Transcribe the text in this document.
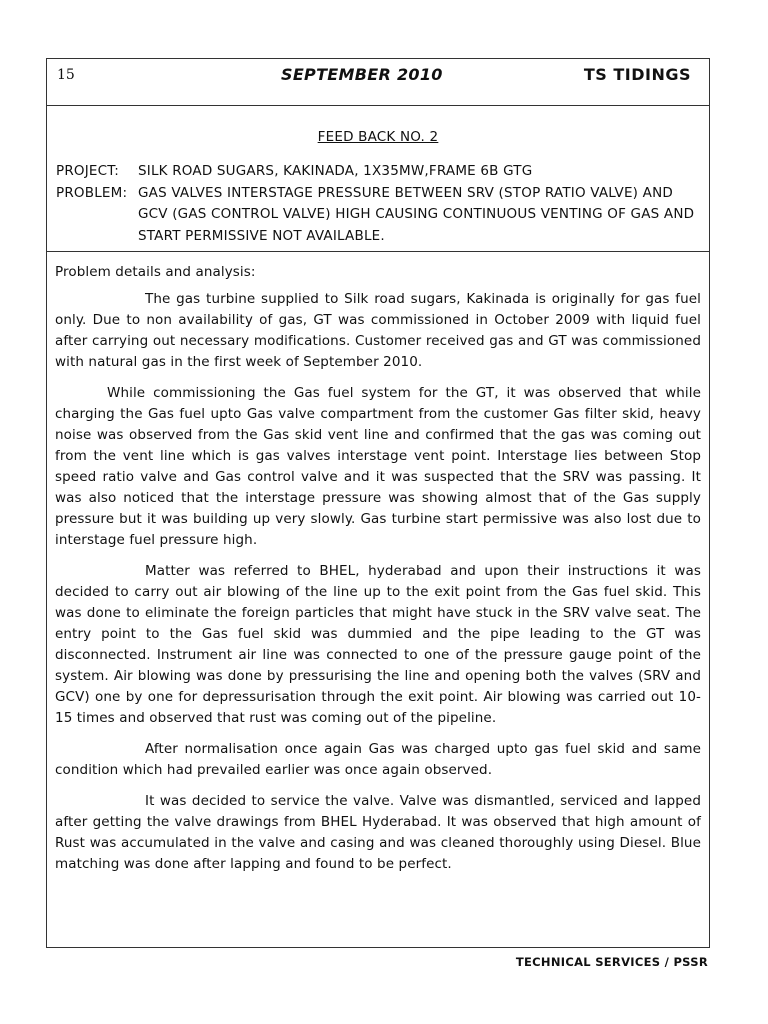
15	SEPTEMBER 2010	TS TIDINGS
FEED BACK NO. 2
PROJECT:	SILK ROAD SUGARS, KAKINADA, 1X35MW,FRAME 6B GTG
PROBLEM: GAS VALVES INTERSTAGE PRESSURE BETWEEN SRV (STOP RATIO VALVE) AND GCV (GAS CONTROL VALVE) HIGH CAUSING CONTINUOUS VENTING OF GAS AND START PERMISSIVE NOT AVAILABLE.

Problem details and analysis:

The gas turbine supplied to Silk road sugars, Kakinada is originally for gas fuel only. Due to non availability of gas, GT was commissioned in October 2009 with liquid fuel after carrying out necessary modifications. Customer received gas and GT was commissioned with natural gas in the first week of September 2010.

While commissioning the Gas fuel system for the GT, it was observed that while charging the Gas fuel upto Gas valve compartment from the customer Gas filter skid, heavy noise was observed from the Gas skid vent line and confirmed that the gas was coming out from the vent line which is gas valves interstage vent point. Interstage lies between Stop speed ratio valve and Gas control valve and it was suspected that the SRV was passing. It was also noticed that the interstage pressure was showing almost that of the Gas supply pressure but it was building up very slowly. Gas turbine start permissive was also lost due to interstage fuel pressure high.

Matter was referred to BHEL, hyderabad and upon their instructions it was decided to carry out air blowing of the line up to the exit point from the Gas fuel skid. This was done to eliminate the foreign particles that might have stuck in the SRV valve seat. The entry point to the Gas fuel skid was dummied and the pipe leading to the GT was disconnected. Instrument air line was connected to one of the pressure gauge point of the system. Air blowing was done by pressurising the line and opening both the valves (SRV and GCV) one by one for depressurisation through the exit point. Air blowing was carried out 10-15 times and observed that rust was coming out of the pipeline.

After normalisation once again Gas was charged upto gas fuel skid and same condition which had prevailed earlier was once again observed.

It was decided to service the valve. Valve was dismantled, serviced and lapped after getting the valve drawings from BHEL Hyderabad. It was observed that high amount of Rust was accumulated in the valve and casing and was cleaned thoroughly using Diesel. Blue matching was done after lapping and found to be perfect.

TECHNICAL SERVICES / PSSR
